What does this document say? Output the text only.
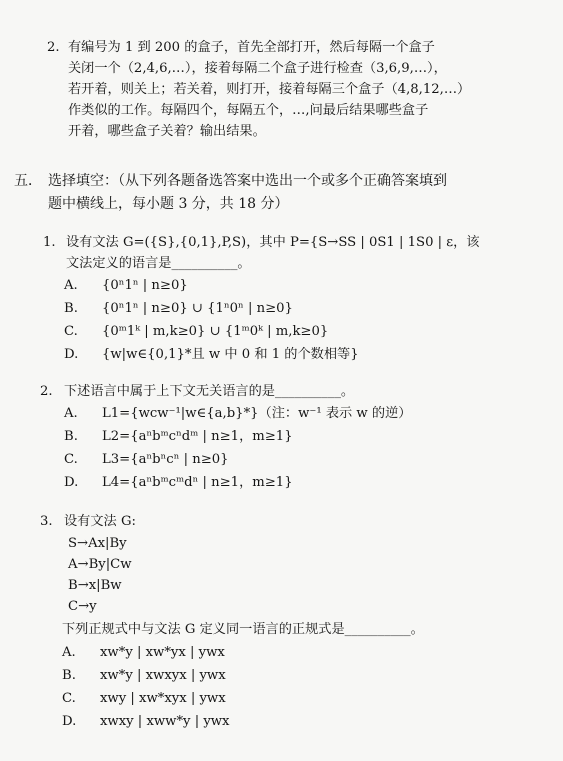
2. 有编号为 1 到 200 的盒子，首先全部打开，然后每隔一个盒子
关闭一个（2,4,6,…），接着每隔二个盒子进行检查（3,6,9,…），
若开着，则关上；若关着，则打开，接着每隔三个盒子（4,8,12,…）
作类似的工作。每隔四个，每隔五个，…,问最后结果哪些盒子
开着，哪些盒子关着？输出结果。
五． 选择填空：（从下列各题备选答案中选出一个或多个正确答案填到
题中横线上，每小题 3 分，共 18 分）
1. 设有文法 G=({S},{0,1},P,S)，其中 P={S→SS | 0S1 | 1S0 | ε，该
文法定义的语言是__________。
A. {0ⁿ1ⁿ | n≥0}
B. {0ⁿ1ⁿ | n≥0} ∪ {1ⁿ0ⁿ | n≥0}
C. {0ᵐ1ᵏ | m,k≥0} ∪ {1ᵐ0ᵏ | m,k≥0}
D. {w|w∈{0,1}*且 w 中 0 和 1 的个数相等}
2. 下述语言中属于上下文无关语言的是__________。
A. L1={wcw⁻¹|w∈{a,b}*}（注：w⁻¹ 表示 w 的逆）
B. L2={aⁿbᵐcⁿdᵐ | n≥1，m≥1}
C. L3={aⁿbⁿcⁿ | n≥0}
D. L4={aⁿbᵐcᵐdⁿ | n≥1，m≥1}
3. 设有文法 G:
S→Ax|By
A→By|Cw
B→x|Bw
C→y
下列正规式中与文法 G 定义同一语言的正规式是__________。
A. xw*y | xw*yx | ywx
B. xw*y | xwxyx | ywx
C. xwy | xw*xyx | ywx
D. xwxy | xww*y | ywx
